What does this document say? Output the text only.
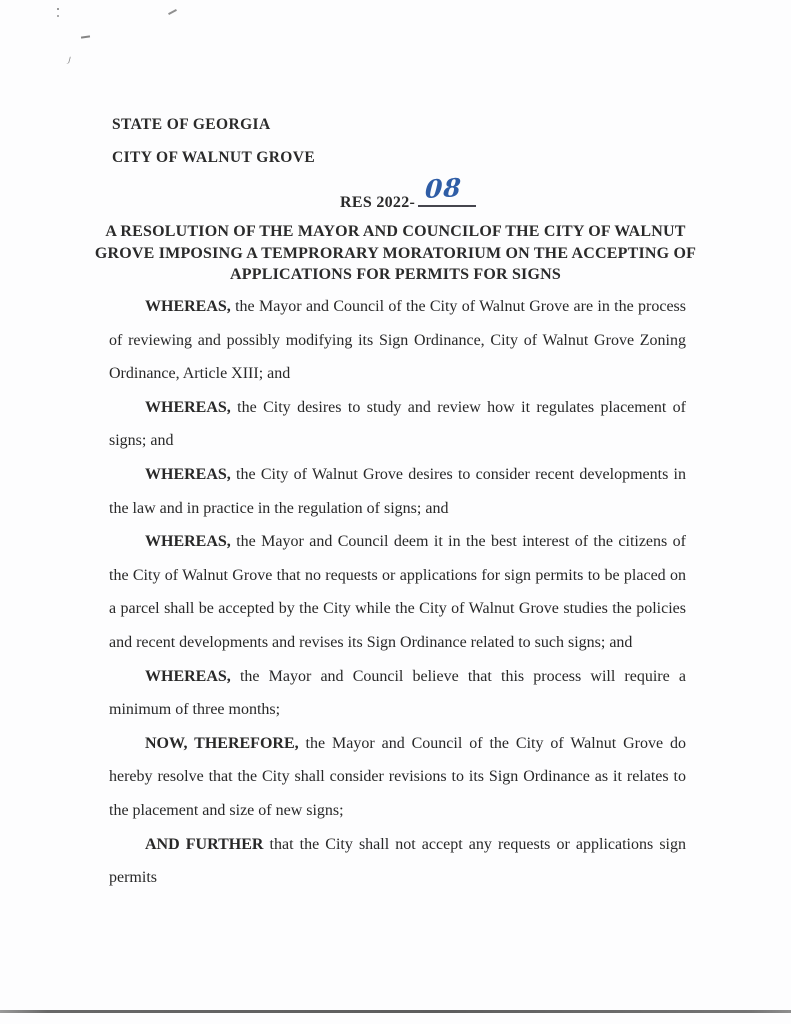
STATE OF GEORGIA
CITY OF WALNUT GROVE
RES 2022- 08
A RESOLUTION OF THE MAYOR AND COUNCILOF THE CITY OF WALNUT
GROVE IMPOSING A TEMPRORARY MORATORIUM ON THE ACCEPTING OF
APPLICATIONS FOR PERMITS FOR SIGNS

WHEREAS, the Mayor and Council of the City of Walnut Grove are in the process of reviewing and possibly modifying its Sign Ordinance, City of Walnut Grove Zoning Ordinance, Article XIII; and

WHEREAS, the City desires to study and review how it regulates placement of signs; and

WHEREAS, the City of Walnut Grove desires to consider recent developments in the law and in practice in the regulation of signs; and

WHEREAS, the Mayor and Council deem it in the best interest of the citizens of the City of Walnut Grove that no requests or applications for sign permits to be placed on a parcel shall be accepted by the City while the City of Walnut Grove studies the policies and recent developments and revises its Sign Ordinance related to such signs; and

WHEREAS, the Mayor and Council believe that this process will require a minimum of three months;

NOW, THEREFORE, the Mayor and Council of the City of Walnut Grove do hereby resolve that the City shall consider revisions to its Sign Ordinance as it relates to the placement and size of new signs;

AND FURTHER that the City shall not accept any requests or applications sign permits
